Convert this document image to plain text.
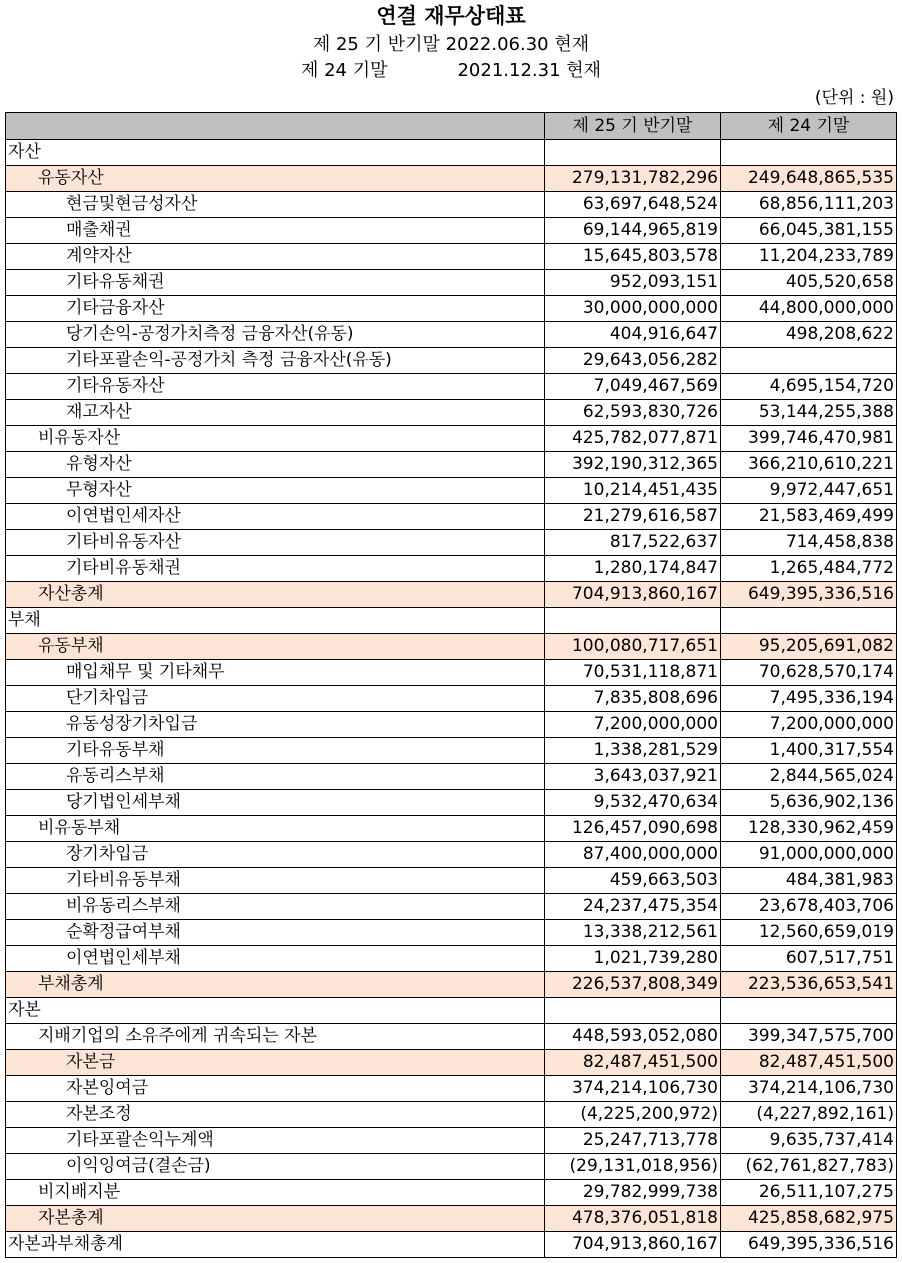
연결 재무상태표
제 25 기 반기말 2022.06.30 현재
제 24 기말	2021.12.31 현재
(단위 : 원)
	제 25 기 반기말	제 24 기말
자산		
유동자산	279,131,782,296	249,648,865,535
현금및현금성자산	63,697,648,524	68,856,111,203
매출채권	69,144,965,819	66,045,381,155
계약자산	15,645,803,578	11,204,233,789
기타유동채권	952,093,151	405,520,658
기타금융자산	30,000,000,000	44,800,000,000
당기손익-공정가치측정 금융자산(유동)	404,916,647	498,208,622
기타포괄손익-공정가치 측정 금융자산(유동)	29,643,056,282	
기타유동자산	7,049,467,569	4,695,154,720
재고자산	62,593,830,726	53,144,255,388
비유동자산	425,782,077,871	399,746,470,981
유형자산	392,190,312,365	366,210,610,221
무형자산	10,214,451,435	9,972,447,651
이연법인세자산	21,279,616,587	21,583,469,499
기타비유동자산	817,522,637	714,458,838
기타비유동채권	1,280,174,847	1,265,484,772
자산총계	704,913,860,167	649,395,336,516
부채		
유동부채	100,080,717,651	95,205,691,082
매입채무 및 기타채무	70,531,118,871	70,628,570,174
단기차입금	7,835,808,696	7,495,336,194
유동성장기차입금	7,200,000,000	7,200,000,000
기타유동부채	1,338,281,529	1,400,317,554
유동리스부채	3,643,037,921	2,844,565,024
당기법인세부채	9,532,470,634	5,636,902,136
비유동부채	126,457,090,698	128,330,962,459
장기차입금	87,400,000,000	91,000,000,000
기타비유동부채	459,663,503	484,381,983
비유동리스부채	24,237,475,354	23,678,403,706
순확정급여부채	13,338,212,561	12,560,659,019
이연법인세부채	1,021,739,280	607,517,751
부채총계	226,537,808,349	223,536,653,541
자본		
지배기업의 소유주에게 귀속되는 자본	448,593,052,080	399,347,575,700
자본금	82,487,451,500	82,487,451,500
자본잉여금	374,214,106,730	374,214,106,730
자본조정	(4,225,200,972)	(4,227,892,161)
기타포괄손익누계액	25,247,713,778	9,635,737,414
이익잉여금(결손금)	(29,131,018,956)	(62,761,827,783)
비지배지분	29,782,999,738	26,511,107,275
자본총계	478,376,051,818	425,858,682,975
자본과부채총계	704,913,860,167	649,395,336,516
